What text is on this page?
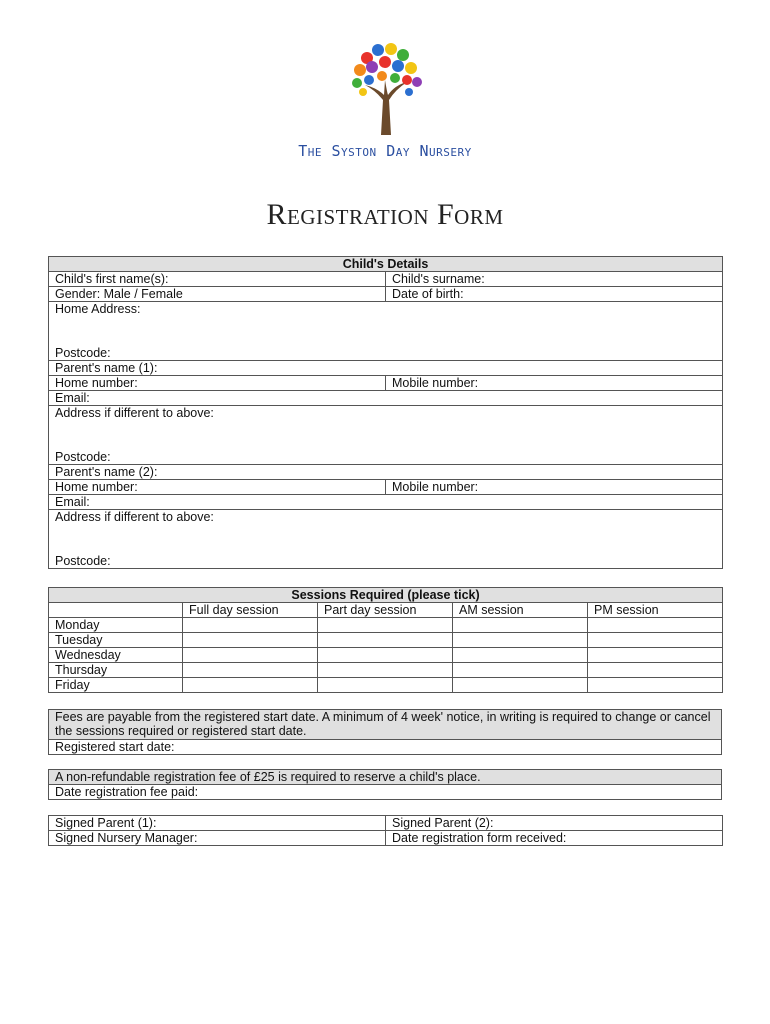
The Syston Day Nursery
Registration Form
Child's Details	
Child's first name(s):	Child's surname:
Gender: Male / Female	Date of birth:
Home Address:	
Postcode:	
Parent's name (1):	
Home number:	Mobile number:
Email:	
Address if different to above:	
Postcode:	
Parent's name (2):	
Home number:	Mobile number:
Email:	
Address if different to above:	
Postcode:	
Sessions Required (please tick)				
	Full day session	Part day session	AM session	PM session
Monday				
Tuesday				
Wednesday				
Thursday				
Friday				
Fees are payable from the registered start date. A minimum of 4 week' notice, in writing is required to change or cancel the sessions required or registered start date.
Registered start date:
A non-refundable registration fee of £25 is required to reserve a child's place.
Date registration fee paid:
Signed Parent (1):	Signed Parent (2):
Signed Nursery Manager:	Date registration form received:
